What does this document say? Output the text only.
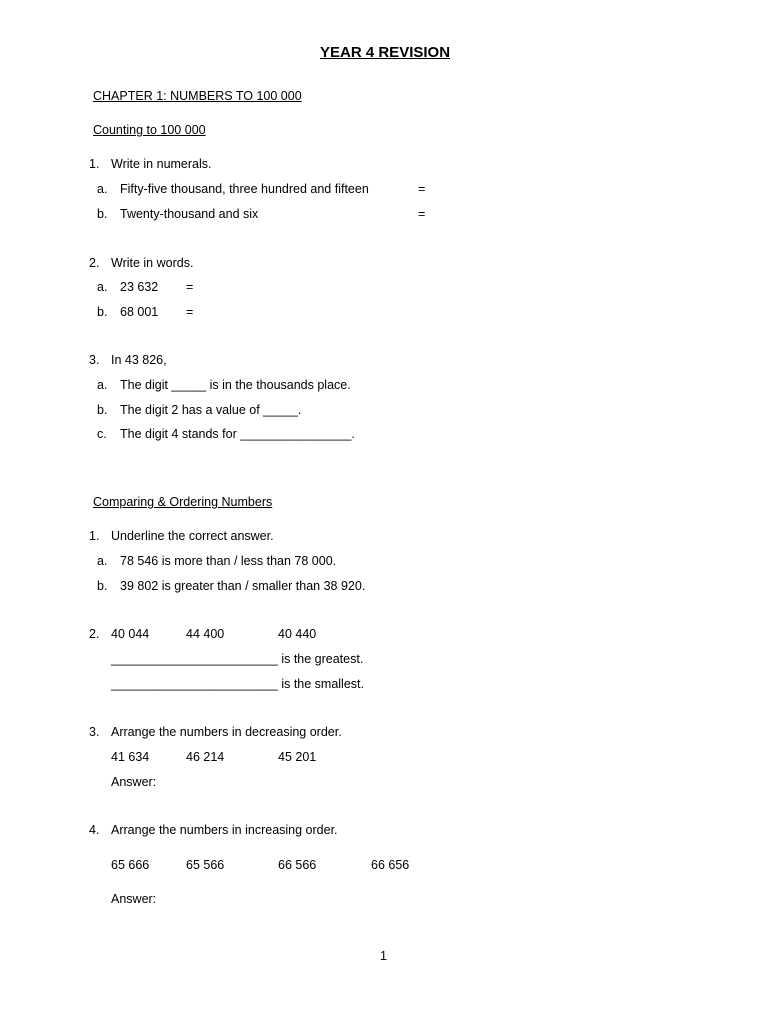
YEAR 4 REVISION
CHAPTER 1: NUMBERS TO 100 000
Counting to 100 000
1. Write in numerals.
a. Fifty-five thousand, three hundred and fifteen	=
b. Twenty-thousand and six	=
2. Write in words.
a. 23 632 =
b. 68 001 =
3. In 43 826,
a. The digit _____ is in the thousands place.
b. The digit 2 has a value of _____.
c. The digit 4 stands for ________________.
Comparing & Ordering Numbers
1. Underline the correct answer.
a. 78 546 is more than / less than 78 000.
b. 39 802 is greater than / smaller than 38 920.
2. 40 044	44 400	40 440
________________________ is the greatest.
________________________ is the smallest.
3. Arrange the numbers in decreasing order.
41 634	46 214	45 201
Answer:
4. Arrange the numbers in increasing order.
65 666	65 566	66 566	66 656
Answer:
1
